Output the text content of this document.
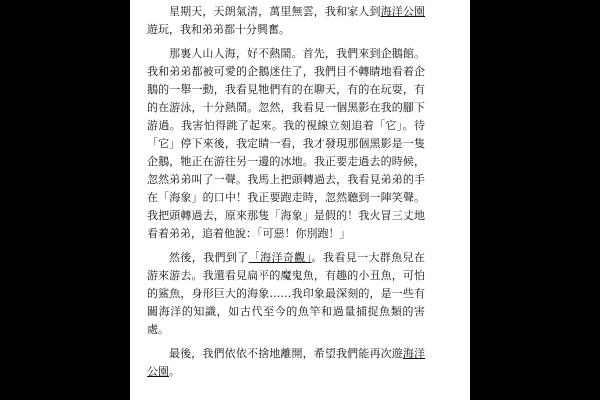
星期天，天朗氣清，萬里無雲，我和家人到海洋公園遊玩，我和弟弟都十分興奮。

那裏人山人海，好不熱鬧。首先，我們來到企鵝館。我和弟弟都被可愛的企鵝迷住了，我們目不轉睛地看着企鵝的一舉一動，我看見牠們有的在聊天，有的在玩耍，有的在游泳，十分熱鬧。忽然，我看見一個黑影在我的腳下游過。我害怕得跳了起來。我的視線立刻追着「它」。待「它」停下來後，我定睛一看，我才發現那個黑影是一隻企鵝，牠正在游往另一邊的冰地。我正要走過去的時候，忽然弟弟叫了一聲。我馬上把頭轉過去，我看見弟弟的手在「海象」的口中！我正要跑走時，忽然聽到一陣笑聲。我把頭轉過去，原來那隻「海象」是假的！我火冒三丈地看着弟弟，追着他說：「可惡！你別跑！」

然後，我們到了「海洋奇觀」。我看見一大群魚兒在游來游去。我還看見扁平的魔鬼魚，有趣的小丑魚，可怕的鯊魚，身形巨大的海象……我印象最深刻的，是一些有關海洋的知識，如古代至今的魚竿和過量捕捉魚類的害處。

最後，我們依依不捨地離開，希望我們能再次遊海洋公園。
